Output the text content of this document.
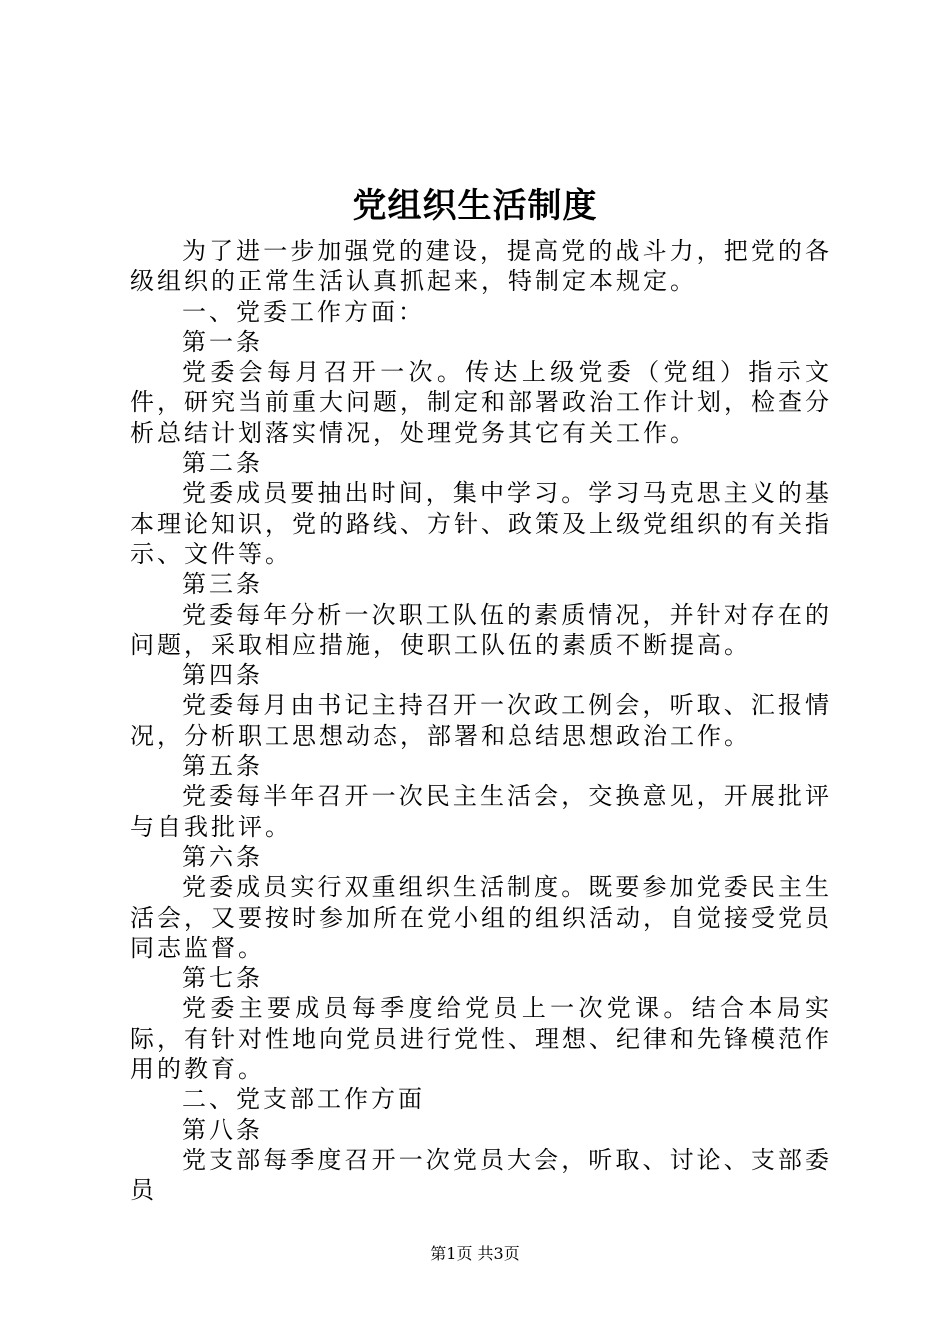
党组织生活制度

为了进一步加强党的建设，提高党的战斗力，把党的各级组织的正常生活认真抓起来，特制定本规定。

一、党委工作方面：

第一条

党委会每月召开一次。传达上级党委（党组）指示文件，研究当前重大问题，制定和部署政治工作计划，检查分析总结计划落实情况，处理党务其它有关工作。

第二条

党委成员要抽出时间，集中学习。学习马克思主义的基本理论知识，党的路线、方针、政策及上级党组织的有关指示、文件等。

第三条

党委每年分析一次职工队伍的素质情况，并针对存在的问题，采取相应措施，使职工队伍的素质不断提高。

第四条

党委每月由书记主持召开一次政工例会，听取、汇报情况，分析职工思想动态，部署和总结思想政治工作。

第五条

党委每半年召开一次民主生活会，交换意见，开展批评与自我批评。

第六条

党委成员实行双重组织生活制度。既要参加党委民主生活会，又要按时参加所在党小组的组织活动，自觉接受党员同志监督。

第七条

党委主要成员每季度给党员上一次党课。结合本局实际，有针对性地向党员进行党性、理想、纪律和先锋模范作用的教育。

二、党支部工作方面

第八条

党支部每季度召开一次党员大会，听取、讨论、支部委员

第1页 共3页
